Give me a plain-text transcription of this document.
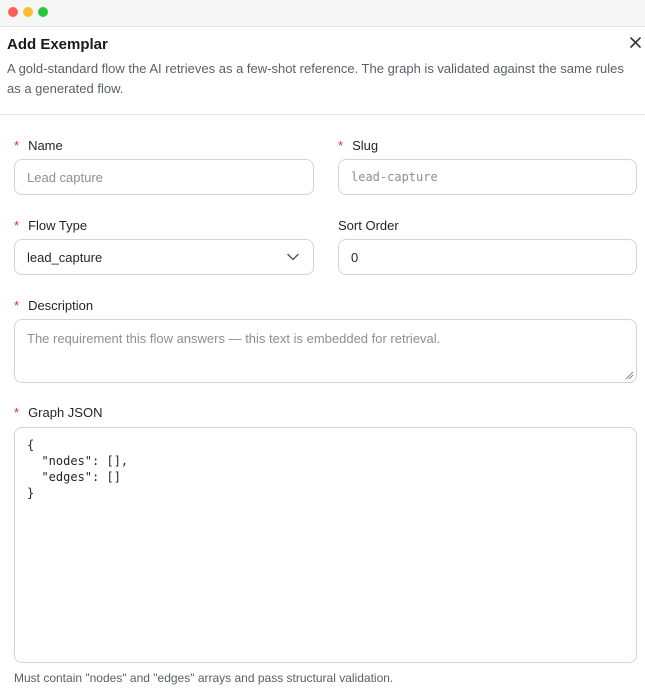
Add Exemplar
A gold-standard flow the AI retrieves as a few-shot reference. The graph is validated against the same rules as a generated flow.
* Name
Lead capture
* Slug
lead-capture
* Flow Type
lead_capture
Sort Order
0
* Description
The requirement this flow answers — this text is embedded for retrieval.
* Graph JSON
{
"nodes": [],
"edges": []
}
Must contain "nodes" and "edges" arrays and pass structural validation.
